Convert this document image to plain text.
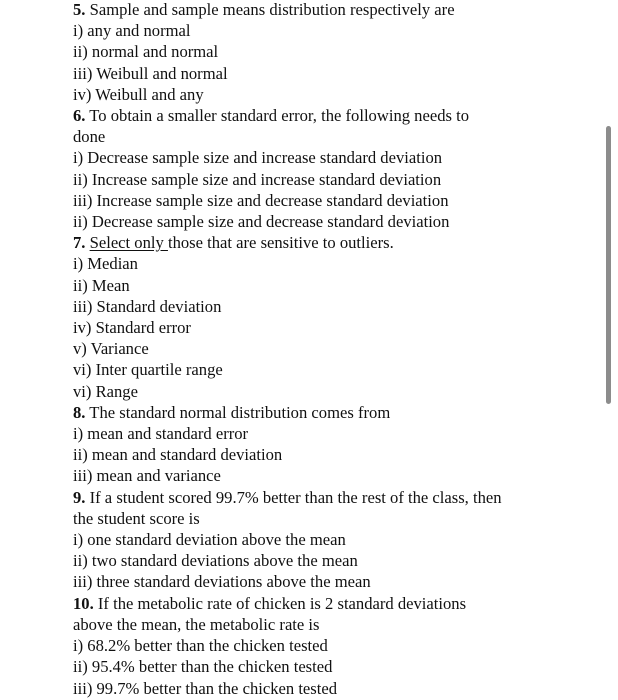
5. Sample and sample means distribution respectively are
i) any and normal
ii) normal and normal
iii) Weibull and normal
iv) Weibull and any
6. To obtain a smaller standard error, the following needs to
done
i) Decrease sample size and increase standard deviation
ii) Increase sample size and increase standard deviation
iii) Increase sample size and decrease standard deviation
ii) Decrease sample size and decrease standard deviation
7. Select only those that are sensitive to outliers.
i) Median
ii) Mean
iii) Standard deviation
iv) Standard error
v) Variance
vi) Inter quartile range
vi) Range
8. The standard normal distribution comes from
i) mean and standard error
ii) mean and standard deviation
iii) mean and variance
9. If a student scored 99.7% better than the rest of the class, then
the student score is
i) one standard deviation above the mean
ii) two standard deviations above the mean
iii) three standard deviations above the mean
10. If the metabolic rate of chicken is 2 standard deviations
above the mean, the metabolic rate is
i) 68.2% better than the chicken tested
ii) 95.4% better than the chicken tested
iii) 99.7% better than the chicken tested
